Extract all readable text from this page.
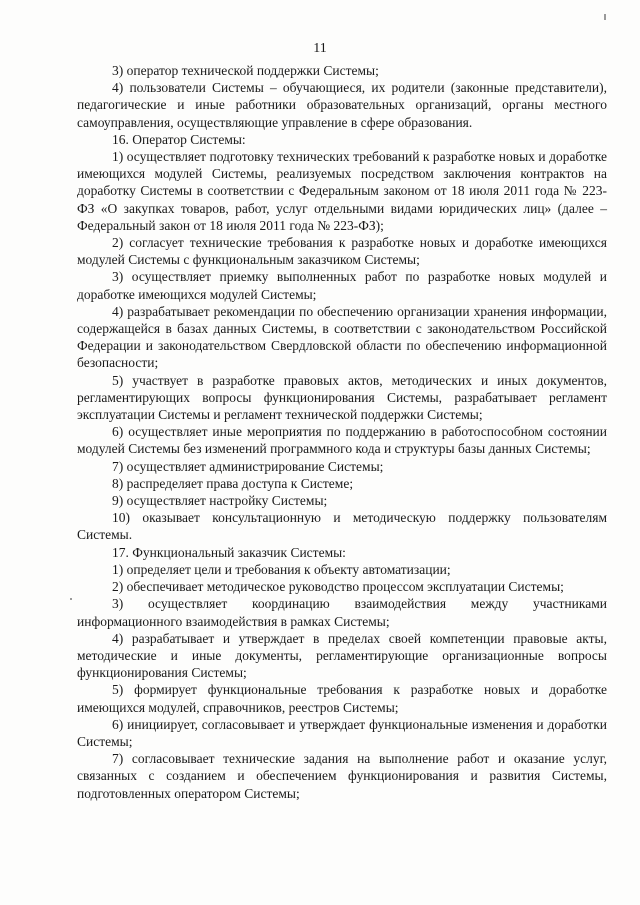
11

3) оператор технической поддержки Системы;

4) пользователи Системы – обучающиеся, их родители (законные представители), педагогические и иные работники образовательных организаций, органы местного самоуправления, осуществляющие управление в сфере образования.

16. Оператор Системы:

1) осуществляет подготовку технических требований к разработке новых и доработке имеющихся модулей Системы, реализуемых посредством заключения контрактов на доработку Системы в соответствии с Федеральным законом от 18 июля 2011 года № 223-ФЗ «О закупках товаров, работ, услуг отдельными видами юридических лиц» (далее – Федеральный закон от 18 июля 2011 года № 223-ФЗ);

2) согласует технические требования к разработке новых и доработке имеющихся модулей Системы с функциональным заказчиком Системы;

3) осуществляет приемку выполненных работ по разработке новых модулей и доработке имеющихся модулей Системы;

4) разрабатывает рекомендации по обеспечению организации хранения информации, содержащейся в базах данных Системы, в соответствии с законодательством Российской Федерации и законодательством Свердловской области по обеспечению информационной безопасности;

5) участвует в разработке правовых актов, методических и иных документов, регламентирующих вопросы функционирования Системы, разрабатывает регламент эксплуатации Системы и регламент технической поддержки Системы;

6) осуществляет иные мероприятия по поддержанию в работоспособном состоянии модулей Системы без изменений программного кода и структуры базы данных Системы;

7) осуществляет администрирование Системы;

8) распределяет права доступа к Системе;

9) осуществляет настройку Системы;

10) оказывает консультационную и методическую поддержку пользователям Системы.

17. Функциональный заказчик Системы:

1) определяет цели и требования к объекту автоматизации;

2) обеспечивает методическое руководство процессом эксплуатации Системы;

3) осуществляет координацию взаимодействия между участниками информационного взаимодействия в рамках Системы;

4) разрабатывает и утверждает в пределах своей компетенции правовые акты, методические и иные документы, регламентирующие организационные вопросы функционирования Системы;

5) формирует функциональные требования к разработке новых и доработке имеющихся модулей, справочников, реестров Системы;

6) инициирует, согласовывает и утверждает функциональные изменения и доработки Системы;

7) согласовывает технические задания на выполнение работ и оказание услуг, связанных с созданием и обеспечением функционирования и развития Системы, подготовленных оператором Системы;
